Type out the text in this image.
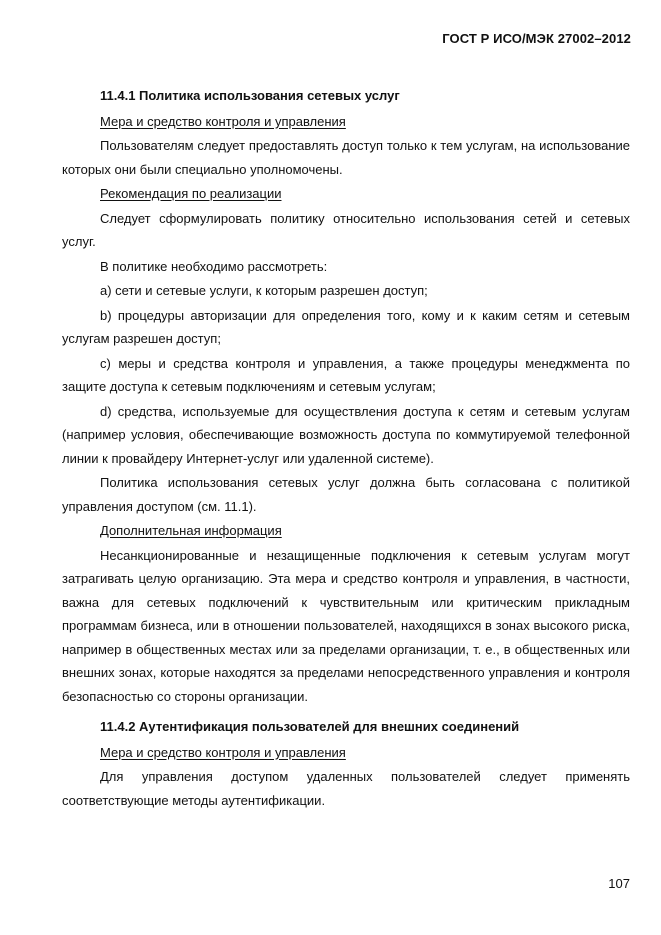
ГОСТ Р ИСО/МЭК 27002–2012

11.4.1 Политика использования сетевых услуг

Мера и средство контроля и управления

Пользователям следует предоставлять доступ только к тем услугам, на использование которых они были специально уполномочены.

Рекомендация по реализации

Следует сформулировать политику относительно использования сетей и сетевых услуг.

В политике необходимо рассмотреть:

a) сети и сетевые услуги, к которым разрешен доступ;

b) процедуры авторизации для определения того, кому и к каким сетям и сетевым услугам разрешен доступ;

c) меры и средства контроля и управления, а также процедуры менеджмента по защите доступа к сетевым подключениям и сетевым услугам;

d) средства, используемые для осуществления доступа к сетям и сетевым услугам (например условия, обеспечивающие возможность доступа по коммутируемой телефонной линии к провайдеру Интернет-услуг или удаленной системе).

Политика использования сетевых услуг должна быть согласована с политикой управления доступом (см. 11.1).

Дополнительная информация

Несанкционированные и незащищенные подключения к сетевым услугам могут затрагивать целую организацию. Эта мера и средство контроля и управления, в частности, важна для сетевых подключений к чувствительным или критическим прикладным программам бизнеса, или в отношении пользователей, находящихся в зонах высокого риска, например в общественных местах или за пределами организации, т. е., в общественных или внешних зонах, которые находятся за пределами непосредственного управления и контроля безопасностью со стороны организации.

11.4.2 Аутентификация пользователей для внешних соединений

Мера и средство контроля и управления

Для управления доступом удаленных пользователей следует применять соответствующие методы аутентификации.

107
